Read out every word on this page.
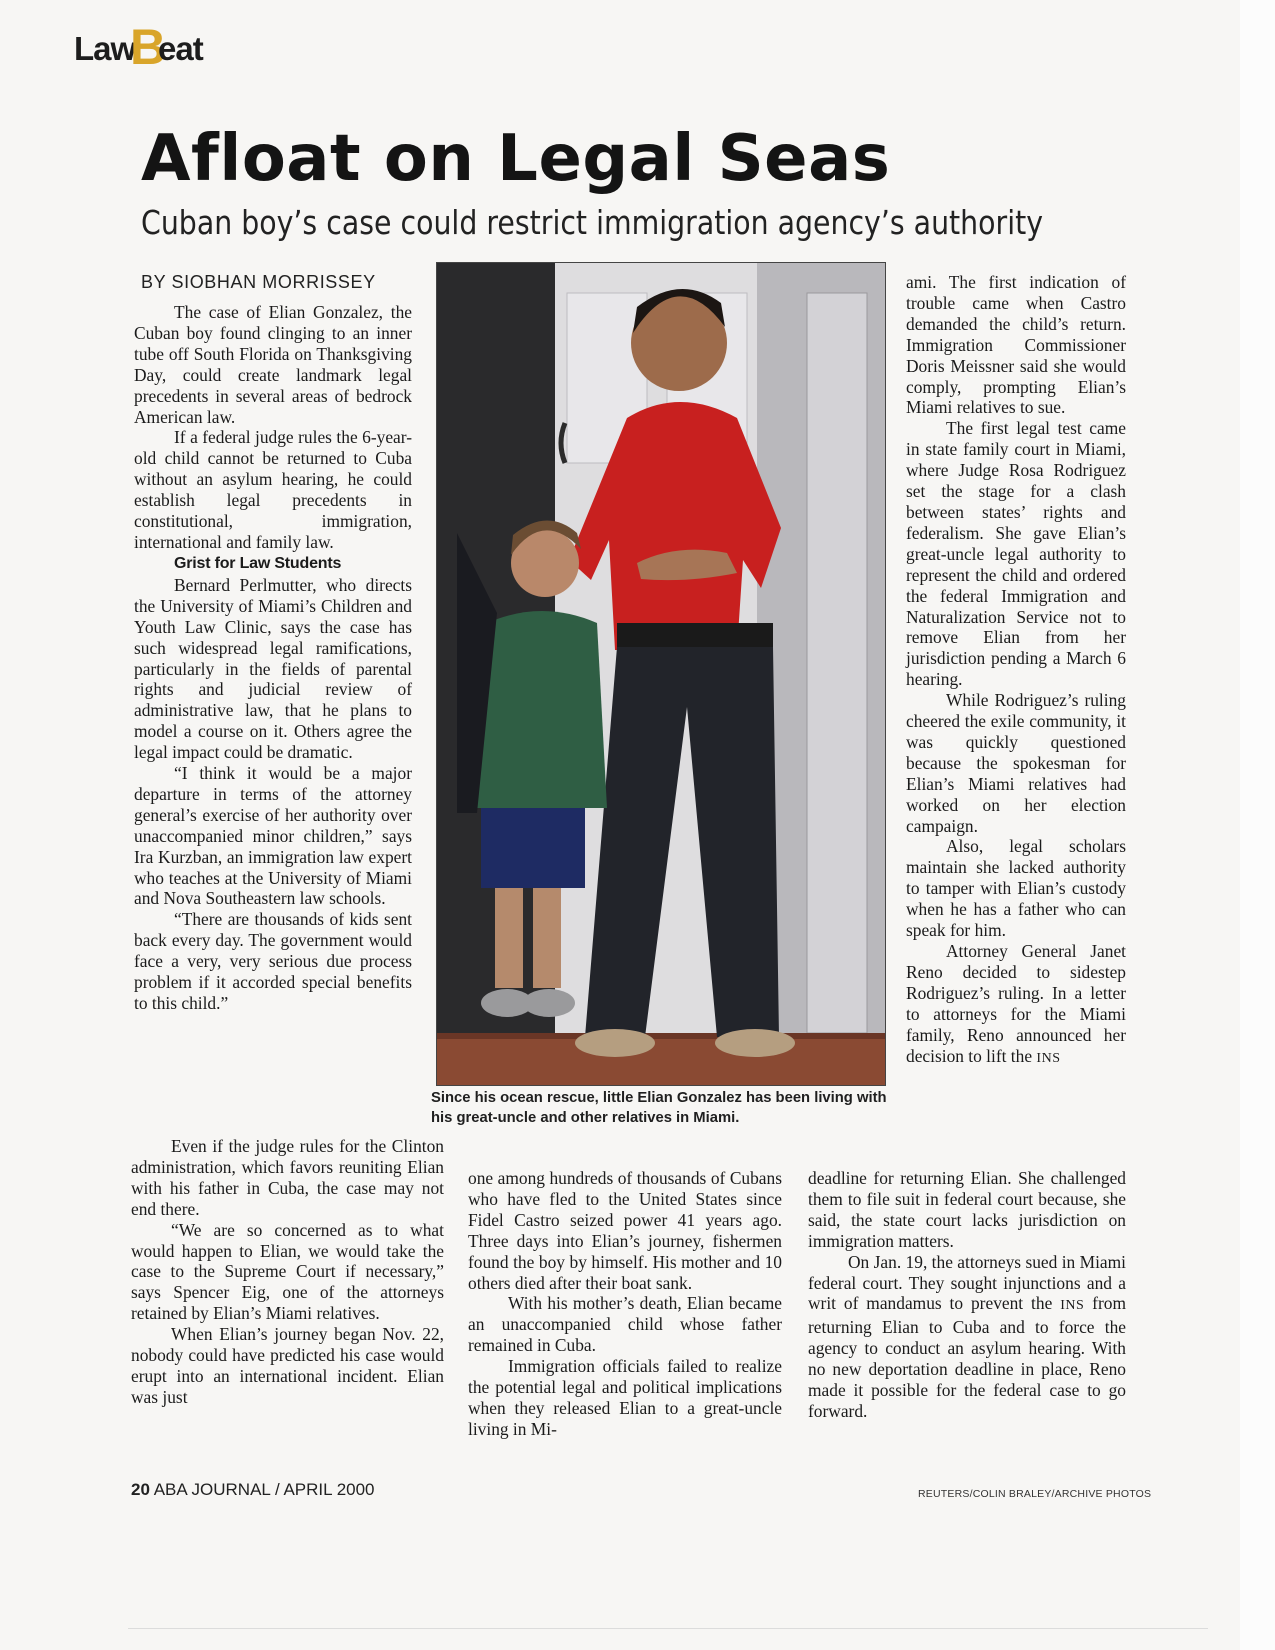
Law
B
eat
Afloat on Legal Seas
Cuban boy’s case could restrict immigration agency’s authority
BY SIOBHAN MORRISSEY

The case of Elian Gonzalez, the Cuban boy found clinging to an inner tube off South Florida on Thanksgiving Day, could create landmark legal precedents in several areas of bedrock American law.

If a federal judge rules the 6-year-old child cannot be returned to Cuba without an asylum hearing, he could establish legal precedents in constitutional, immigration, international and family law.

Grist for Law Students

Bernard Perlmutter, who directs the University of Miami’s Children and Youth Law Clinic, says the case has such widespread legal ramifications, particularly in the fields of parental rights and judicial review of administrative law, that he plans to model a course on it. Others agree the legal impact could be dramatic.

“I think it would be a major departure in terms of the attorney general’s exercise of her authority over unaccompanied minor children,” says Ira Kurzban, an immigration law expert who teaches at the University of Miami and Nova Southeastern law schools.

“There are thousands of kids sent back every day. The government would face a very, very serious due process problem if it accorded special benefits to this child.”

Even if the judge rules for the Clinton administration, which favors reuniting Elian with his father in Cuba, the case may not end there.

“We are so concerned as to what would happen to Elian, we would take the case to the Supreme Court if necessary,” says Spencer Eig, one of the attorneys retained by Elian’s Miami relatives.

When Elian’s journey began Nov. 22, nobody could have predicted his case would erupt into an international incident. Elian was just

Since his ocean rescue, little Elian Gonzalez has been living with his great-uncle and other relatives in Miami.

one among hundreds of thousands of Cubans who have fled to the United States since Fidel Castro seized power 41 years ago. Three days into Elian’s journey, fishermen found the boy by himself. His mother and 10 others died after their boat sank.

With his mother’s death, Elian became an unaccompanied child whose father remained in Cuba.

Immigration officials failed to realize the potential legal and political implications when they released Elian to a great-uncle living in Mi-

ami. The first indication of trouble came when Castro demanded the child’s return. Immigration Commissioner Doris Meissner said she would comply, prompting Elian’s Miami relatives to sue.

The first legal test came in state family court in Miami, where Judge Rosa Rodriguez set the stage for a clash between states’ rights and federalism. She gave Elian’s great-uncle legal authority to represent the child and ordered the federal Immigration and Naturalization Service not to remove Elian from her jurisdiction pending a March 6 hearing.

While Rodriguez’s ruling cheered the exile community, it was quickly questioned because the spokesman for Elian’s Miami relatives had worked on her election campaign.

Also, legal scholars maintain she lacked authority to tamper with Elian’s custody when he has a father who can speak for him.

Attorney General Janet Reno decided to sidestep Rodriguez’s ruling. In a letter to attorneys for the Miami family, Reno announced her decision to lift the INS

deadline for returning Elian. She challenged them to file suit in federal court because, she said, the state court lacks jurisdiction on immigration matters.

On Jan. 19, the attorneys sued in Miami federal court. They sought injunctions and a writ of mandamus to prevent the INS from returning Elian to Cuba and to force the agency to conduct an asylum hearing. With no new deportation deadline in place, Reno made it possible for the federal case to go forward.

20 ABA JOURNAL / APRIL 2000	REUTERS/COLIN BRALEY/ARCHIVE PHOTOS
